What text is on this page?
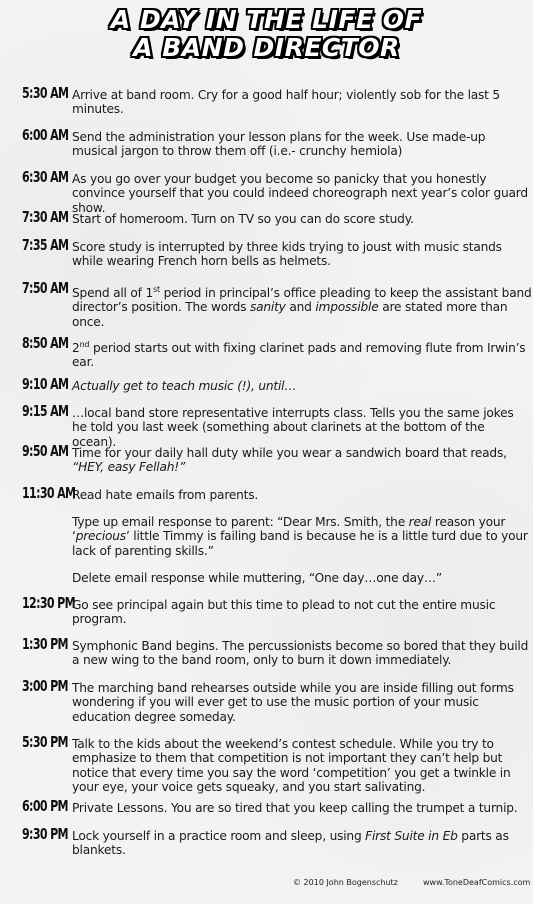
A DAY IN THE LIFE OF
A BAND DIRECTOR
5:30 AM Arrive at band room. Cry for a good half hour; violently sob for the last 5 minutes.
6:00 AM Send the administration your lesson plans for the week. Use made-up musical jargon to throw them off (i.e.- crunchy hemiola)
6:30 AM As you go over your budget you become so panicky that you honestly convince yourself that you could indeed choreograph next year’s color guard show.
7:30 AM Start of homeroom. Turn on TV so you can do score study.
7:35 AM Score study is interrupted by three kids trying to joust with music stands while wearing French horn bells as helmets.
7:50 AM Spend all of 1st period in principal’s office pleading to keep the assistant band director’s position. The words sanity and impossible are stated more than once.
8:50 AM 2nd period starts out with fixing clarinet pads and removing flute from Irwin’s ear.
9:10 AM Actually get to teach music (!), until…
9:15 AM …local band store representative interrupts class. Tells you the same jokes he told you last week (something about clarinets at the bottom of the ocean).
9:50 AM Time for your daily hall duty while you wear a sandwich board that reads,
“HEY, easy Fellah!”
11:30 AM
Read hate emails from parents.
Type up email response to parent: “Dear Mrs. Smith, the real reason your ‘precious’ little Timmy is failing band is because he is a little turd due to your lack of parenting skills.”
Delete email response while muttering, “One day…one day…”
12:30 PM
Go see principal again but this time to plead to not cut the entire music program.
1:30 PM Symphonic Band begins. The percussionists become so bored that they build a new wing to the band room, only to burn it down immediately.
3:00 PM The marching band rehearses outside while you are inside filling out forms wondering if you will ever get to use the music portion of your music education degree someday.
5:30 PM Talk to the kids about the weekend’s contest schedule. While you try to emphasize to them that competition is not important they can’t help but notice that every time you say the word ‘competition’ you get a twinkle in your eye, your voice gets squeaky, and you start salivating.
6:00 PM Private Lessons. You are so tired that you keep calling the trumpet a turnip.
9:30 PM Lock yourself in a practice room and sleep, using First Suite in Eb parts as blankets.
© 2010 John Bogenschutz	www.ToneDeafComics.com
